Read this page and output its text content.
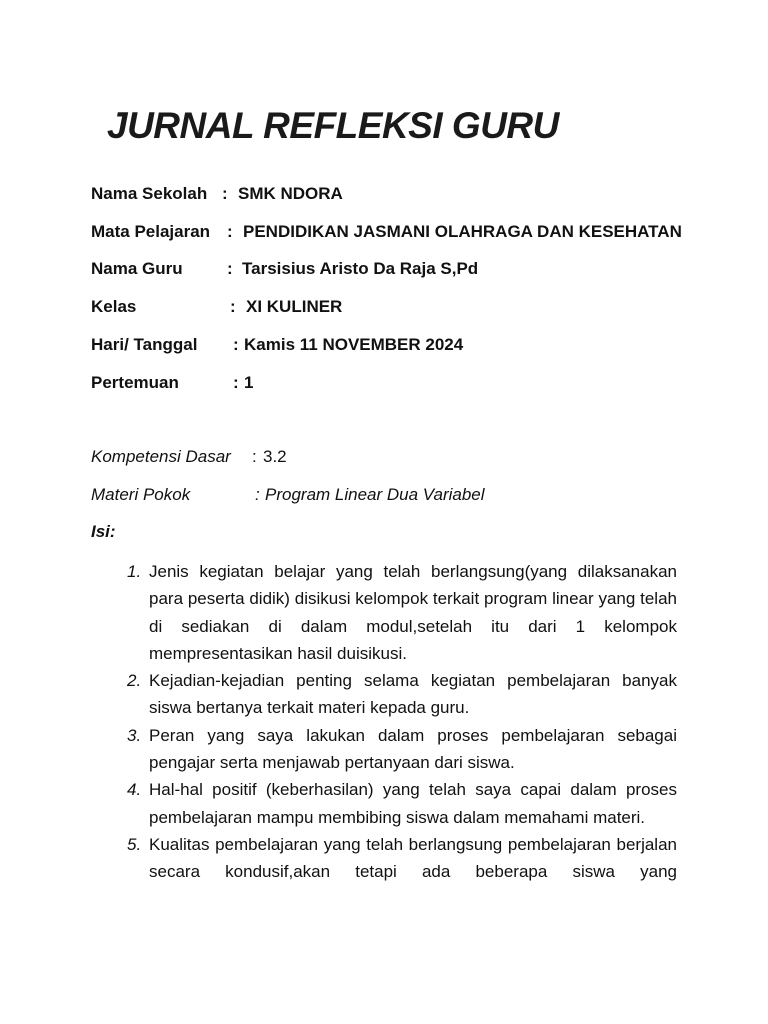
JURNAL REFLEKSI GURU
Nama Sekolah : SMK NDORA
Mata Pelajaran : PENDIDIKAN JASMANI OLAHRAGA DAN KESEHATAN
Nama Guru	: Tarsisius Aristo Da Raja S,Pd
Kelas	: XI KULINER
Hari/ Tanggal : Kamis 11 NOVEMBER 2024
Pertemuan	: 1
Kompetensi Dasar : 3.2
Materi Pokok	: Program Linear Dua Variabel
Isi:
1. Jenis kegiatan belajar yang telah berlangsung(yang dilaksanakan para peserta didik) disikusi kelompok terkait program linear yang telah di sediakan di dalam modul,setelah itu dari 1 kelompok mempresentasikan hasil duisikusi.
2. Kejadian-kejadian penting selama kegiatan pembelajaran banyak siswa bertanya terkait materi kepada guru.
3. Peran yang saya lakukan dalam proses pembelajaran sebagai pengajar serta menjawab pertanyaan dari siswa.
4. Hal-hal positif (keberhasilan) yang telah saya capai dalam proses pembelajaran mampu membibing siswa dalam memahami materi.
5. Kualitas pembelajaran yang telah berlangsung pembelajaran berjalan secara kondusif,akan tetapi ada beberapa siswa yang
